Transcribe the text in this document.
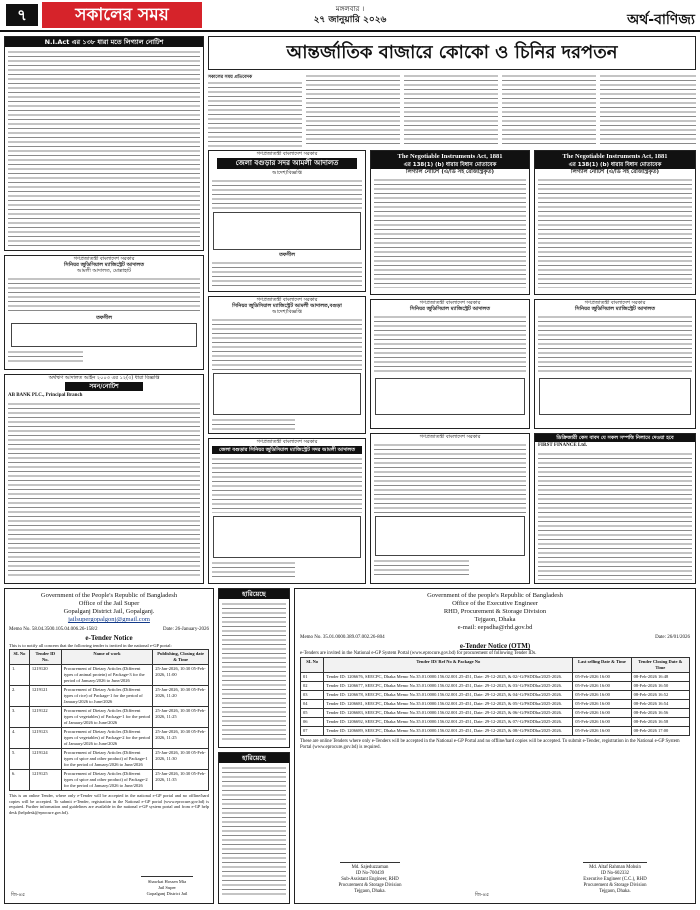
৭	সকালের সময়	মঙ্গলবার ।
২৭ জানুয়ারি ২০২৬	অর্থ-বাণিজ্য
N.I.Act এর ১৩৮ ধারা মতে লিগ্যাল নোটিশ
গণপ্রজাতন্ত্রী বাংলাদেশ সরকার
সিনিয়র জুডিসিয়াল ম্যাজিস্ট্রেট আদালত
আমলী আদালত, মোল্লাহাট
তফসীল
অর্থঋণ আদালত আইন ২০০৩ এর ১২(৩) ধারা বিজ্ঞপ্তি
সমন/নোটিশ
AB BANK PLC., Principal Branch
আন্তর্জাতিক বাজারে কোকো ও চিনির দরপতন
সকালের সময় প্রতিবেদক
গণপ্রজাতন্ত্রী বাংলাদেশ সরকার
জেলা বগুড়ার সদর আমলী আদালত
আদেশ/বিজ্ঞপ্তি
তফসীল
গণপ্রজাতন্ত্রী বাংলাদেশ সরকার
সিনিয়র জুডিসিয়াল ম্যাজিস্ট্রেট আমলী আদালত,বগুড়া
আদেশ/বিজ্ঞপ্তি
গণপ্রজাতন্ত্রী বাংলাদেশ সরকার
জেলা বগুড়ার সিনিয়র জুডিসিয়াল ম্যাজিস্ট্রেট সদর আমলী আদালত
The Negotiable Instruments Act, 1881
এর 138(1) (b) ধারার বিধান মোতাবেক
লিগ্যাল নোটিশ (এ/ডি সহ রেজিস্ট্রিকৃত)
The Negotiable Instruments Act, 1881
এর 138(1) (b) ধারার বিধান মোতাবেক
লিগ্যাল নোটিশ (এ/ডি সহ রেজিস্ট্রিকৃত)
গণপ্রজাতন্ত্রী বাংলাদেশ সরকার
সিনিয়র জুডিসিয়াল ম্যাজিস্ট্রেট আদালত
গণপ্রজাতন্ত্রী বাংলাদেশ সরকার
সিনিয়র জুডিসিয়াল ম্যাজিস্ট্রেট আদালত
গণপ্রজাতন্ত্রী বাংলাদেশ সরকার	ডিক্রিজারী কেস বাবদ যে সকল সম্পত্তি নিলামে দেওয়া হবে
FIRST FINANCE Ltd.
Government of the People's Republic of Bangladesh
Office of the Jail Super
Gopalganj District Jail, Gopalganj.
jailsupergopalgonj@gmail.com
Memo No. 58.04.3500.105.04.006.26-158/2	Date: 26-January-2026
e-Tender Notice
This is to notify all concern that the following tender is invited in the national e-GP portal:
SL No	Tender ID No.	Name of work	Publishing, Closing date & Time
1.	1219120	Procurement of Dietary Articles (Different types of animal protein) of Package-3 for the period of January/2026 to June/2026	25-Jan-2026, 10:30 05-Feb-2026, 11:00
2.	1219121	Procurement of Dietary Articles (Different types of rice) of Package-1 for the period of January/2026 to June/2026	25-Jan-2026, 10:30 05-Feb-2026, 11:20
3.	1219122	Procurement of Dietary Articles (Different types of vegetables) of Package-1 for the period of January/2026 to June/2026	25-Jan-2026, 10:30 05-Feb-2026, 11:25
4.	1219123	Procurement of Dietary Articles (Different types of vegetables) of Package-2 for the period of January/2026 to June/2026	25-Jan-2026, 10:30 05-Feb-2026, 11:25
5.	1219124	Procurement of Dietary Articles (Different types of spice and other product) of Package-1 for the period of January/2026 to June/2026	25-Jan-2026, 10:30 05-Feb-2026, 11:30
6.	1219125	Procurement of Dietary Articles (Different types of spice and other product) of Package-2 for the period of January/2026 to June/2026	25-Jan-2026, 10:30 05-Feb-2026, 11:35
This is an online Tender, where only e-Tender will be accepted in the national e-GP portal and no offline/hard copies will be accepted. To submit e-Tender, registration in the National e-GP portal (www.eprocure.gov.bd) is required. Further information and guidelines are available in the national e-GP system portal and from e-GP help desk (helpdesk@eprocure.gov.bd).
Shawkat Hossen Mia
Jail Super
Gopalganj District Jail
জি-৪৫
হারিয়েছে
হারিয়েছে
Government of the people's Republic of Bangladesh
Office of the Executive Engineer
RHD, Procurement & Storage Division
Tejgaon, Dhaka
e-mail: eepsdha@rhd.gov.bd
Memo No. 35.01.0000.389.07.002.26-804	Date: 26/01/2026
e-Tender Notice (OTM)
e-Tenders are invited in the National e-GP System Portal (www.eprocure.gov.bd) for procurement of following Tender IDs.
SL No	Tender ID/ Ref No & Package No	Last selling Date & Time	Tender Closing Date & Time
01	Tender ID: 1206676, SEECPC, Dhaka Memo No.35.01.0000.156.02.001.25-451, Date: 29-12-2025, & 02/-G/PSDDha/2025-2026.	05-Feb-2026 16:00	08-Feb-2026 16:48
02	Tender ID: 1206677, SEECPC, Dhaka Memo No.35.01.0000.156.02.001.25-451, Date: 29-12-2025, & 03/-G/PSDDha/2025-2026.	05-Feb-2026 16:00	08-Feb-2026 16:50
03	Tender ID: 1206678, SEECPC, Dhaka Memo No.35.01.0000.156.02.001.25-451, Date: 29-12-2025, & 04/-G/PSDDha/2025-2026.	05-Feb-2026 16:00	08-Feb-2026 16:52
04	Tender ID: 1206681, SEECPC, Dhaka Memo No.35.01.0000.156.02.001.25-451, Date: 29-12-2025, & 05/-G/PSDDha/2025-2026.	05-Feb-2026 16:00	08-Feb-2026 16:54
05	Tender ID: 1206683, SEECPC, Dhaka Memo No.35.01.0000.156.02.001.25-451, Date: 29-12-2025, & 06/-G/PSDDha/2025-2026.	05-Feb-2026 16:00	08-Feb-2026 16:56
06	Tender ID: 1206692, SEECPC, Dhaka Memo No.35.01.0000.156.02.001.25-451, Date: 29-12-2025, & 07/-G/PSDDha/2025-2026.	05-Feb-2026 16:00	08-Feb-2026 16:58
07	Tender ID: 1206689, SEECPC, Dhaka Memo No.35.01.0000.156.02.001.25-451, Date: 29-12-2025, & 08/-G/PSDDha/2025-2026.	05-Feb-2026 16:00	08-Feb-2026 17:00
These are online Tenders where only e-Tenders will be accepted in the National e-GP Portal and no offline/hard copies will be accepted. To submit e-Tender, registration in the National e-GP System Portal (www.eprocure.gov.bd) is required.
Md. Sajeduzzaman
ID No-700439
Sub-Assistant Engineer, RHD
Procurement & Storage Division
Tejgaon, Dhaka.
Md. Altaf Rahman Mohsin
ID No-602332
Executive Engineer (C.C.), RHD
Procurement & Storage Division
Tejgaon, Dhaka.
জি-৪৫
